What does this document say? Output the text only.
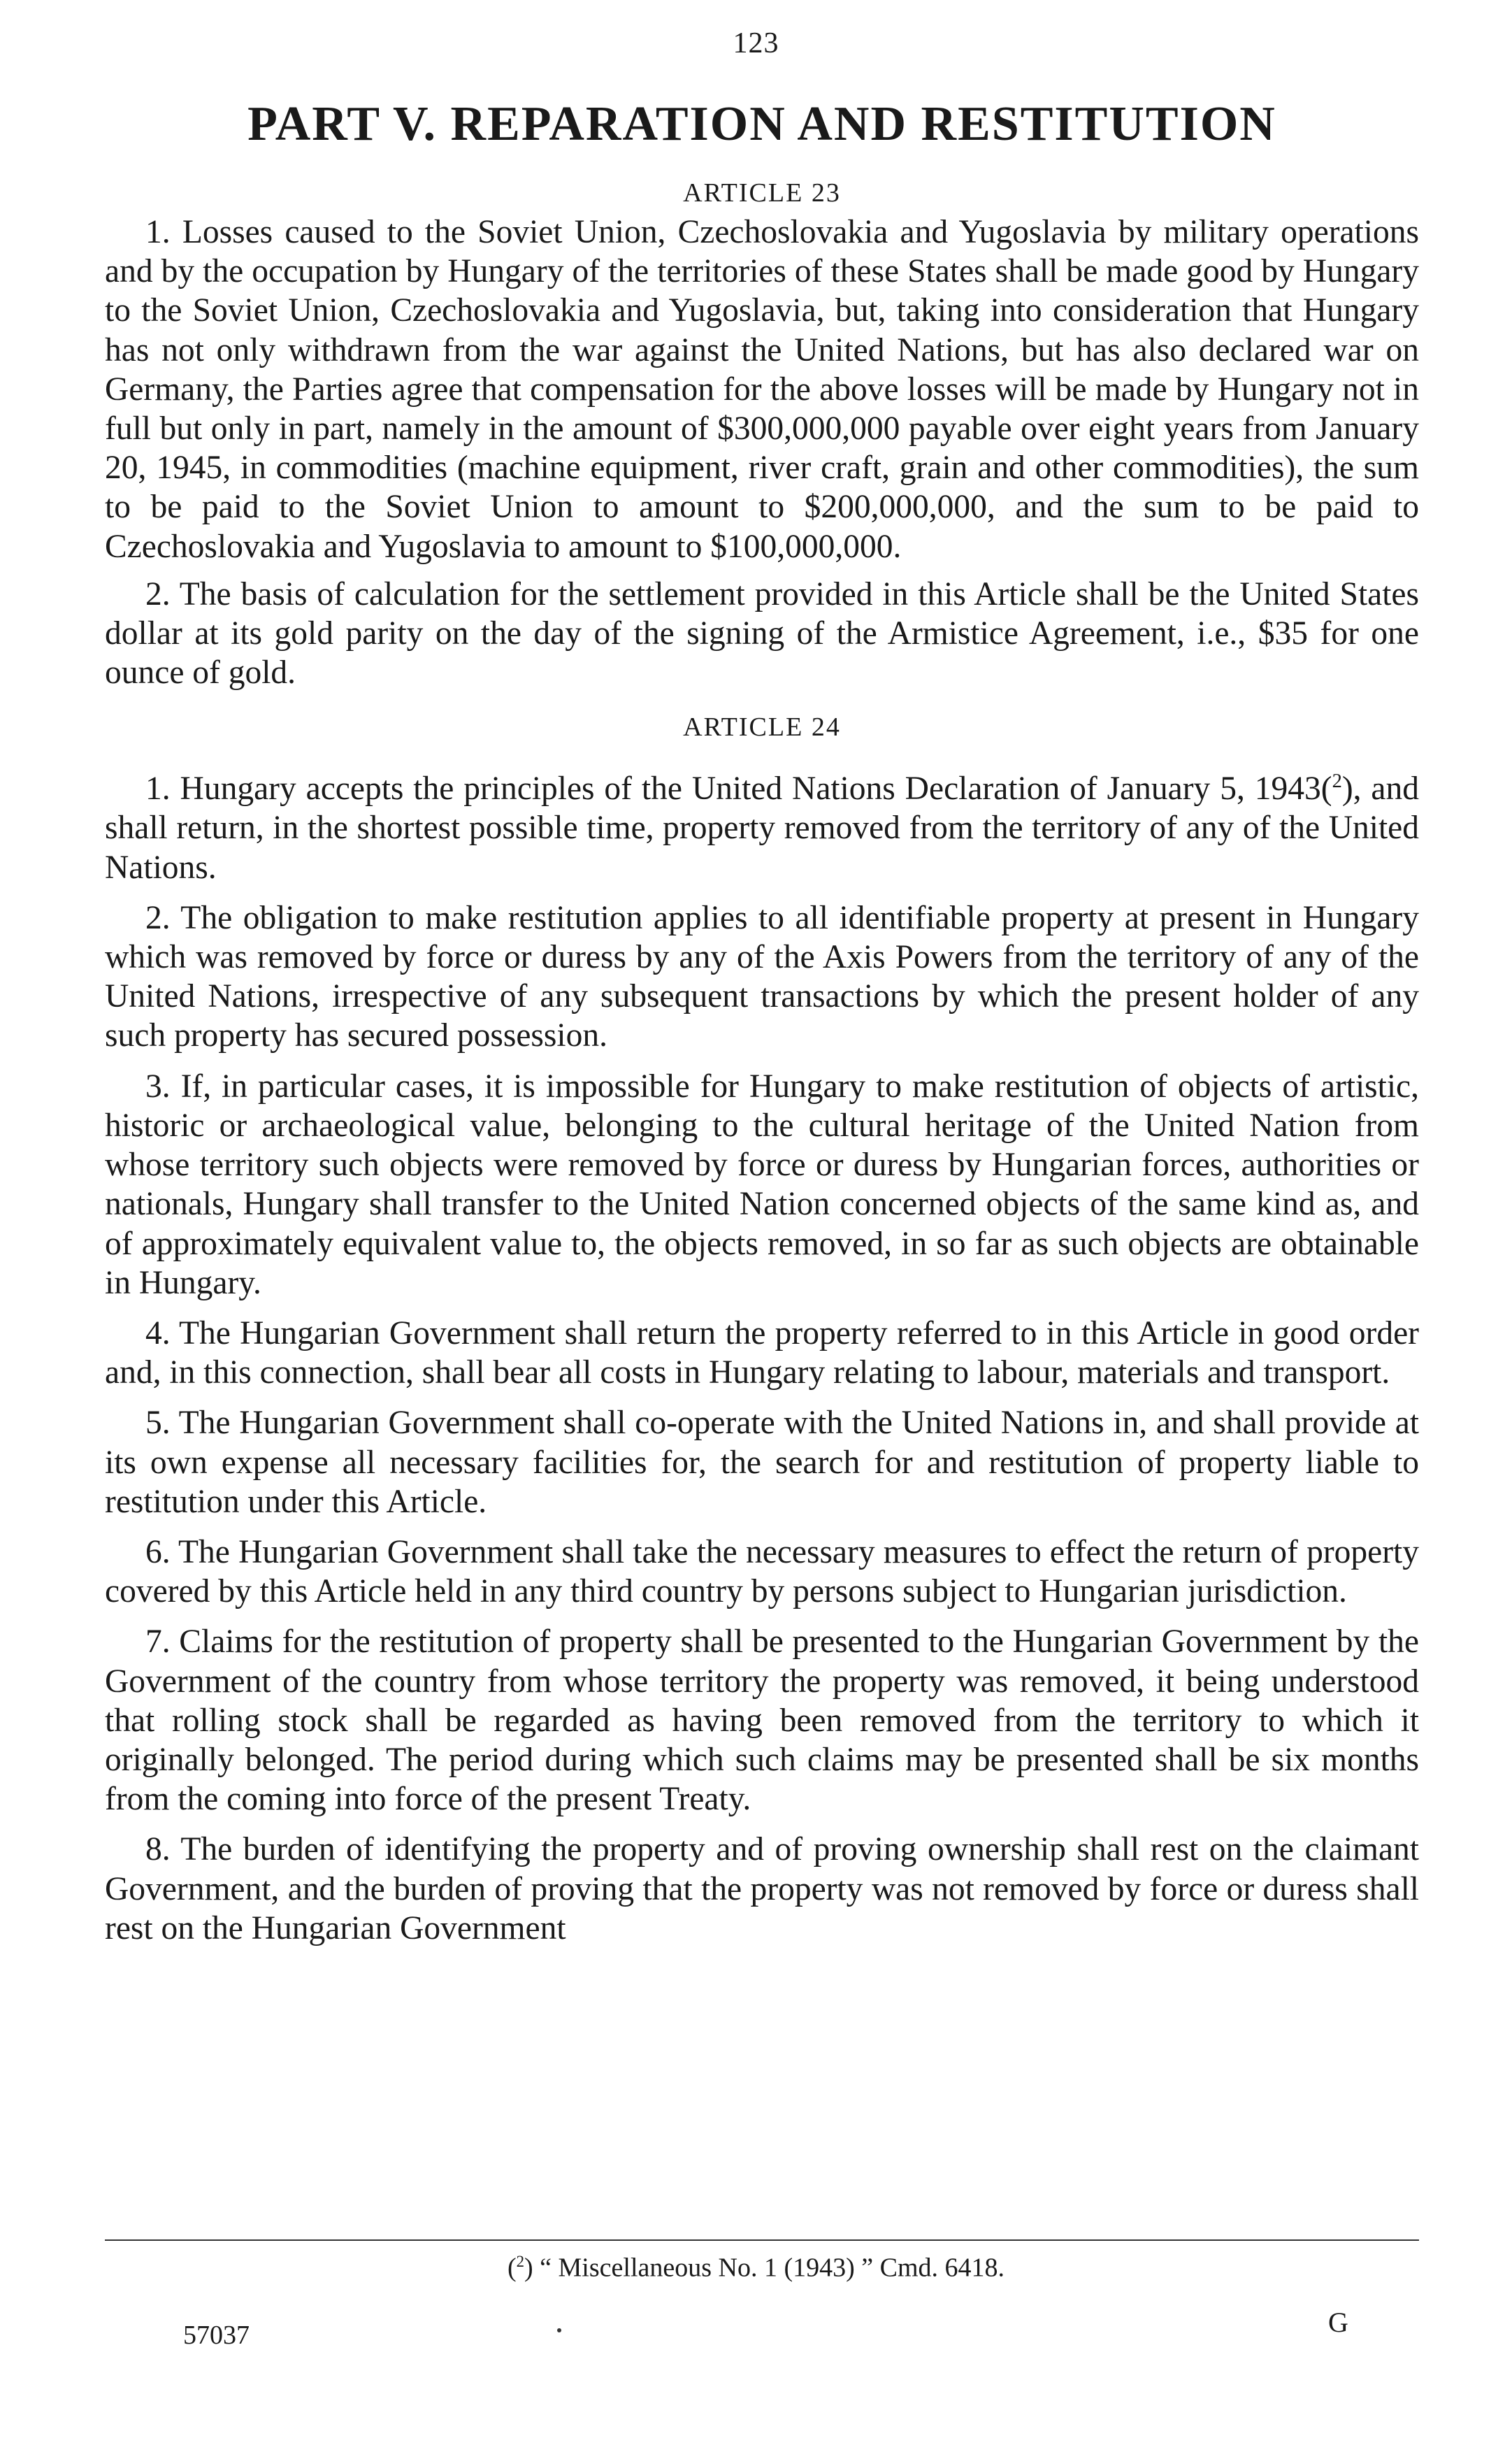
123
PART V. REPARATION AND RESTITUTION

ARTICLE 23

1. Losses caused to the Soviet Union, Czechoslovakia and Yugoslavia by military operations and by the occupation by Hungary of the territories of these States shall be made good by Hungary to the Soviet Union, Czechoslovakia and Yugoslavia, but, taking into consideration that Hungary has not only withdrawn from the war against the United Nations, but has also declared war on Germany, the Parties agree that compensation for the above losses will be made by Hungary not in full but only in part, namely in the amount of $300,000,000 payable over eight years from January 20, 1945, in commodities (machine equipment, river craft, grain and other commodities), the sum to be paid to the Soviet Union to amount to $200,000,000, and the sum to be paid to Czechoslovakia and Yugoslavia to amount to $100,000,000.

2. The basis of calculation for the settlement provided in this Article shall be the United States dollar at its gold parity on the day of the signing of the Armistice Agreement, i.e., $35 for one ounce of gold.

ARTICLE 24

1. Hungary accepts the principles of the United Nations Declaration of January 5, 1943($^2$), and shall return, in the shortest possible time, property removed from the territory of any of the United Nations.

2. The obligation to make restitution applies to all identifiable property at present in Hungary which was removed by force or duress by any of the Axis Powers from the territory of any of the United Nations, irrespective of any subsequent transactions by which the present holder of any such property has secured possession.

3. If, in particular cases, it is impossible for Hungary to make restitution of objects of artistic, historic or archaeological value, belonging to the cultural heritage of the United Nation from whose territory such objects were removed by force or duress by Hungarian forces, authorities or nationals, Hungary shall transfer to the United Nation concerned objects of the same kind as, and of approximately equivalent value to, the objects removed, in so far as such objects are obtainable in Hungary.

4. The Hungarian Government shall return the property referred to in this Article in good order and, in this connection, shall bear all costs in Hungary relating to labour, materials and transport.

5. The Hungarian Government shall co-operate with the United Nations in, and shall provide at its own expense all necessary facilities for, the search for and restitution of property liable to restitution under this Article.

6. The Hungarian Government shall take the necessary measures to effect the return of property covered by this Article held in any third country by persons subject to Hungarian jurisdiction.

7. Claims for the restitution of property shall be presented to the Hungarian Government by the Government of the country from whose territory the property was removed, it being understood that rolling stock shall be regarded as having been removed from the territory to which it originally belonged. The period during which such claims may be presented shall be six months from the coming into force of the present Treaty.

8. The burden of identifying the property and of proving ownership shall rest on the claimant Government, and the burden of proving that the property was not removed by force or duress shall rest on the Hungarian Government

($^2$) “ Miscellaneous No. 1 (1943) ” Cmd. 6418.
57037	G
